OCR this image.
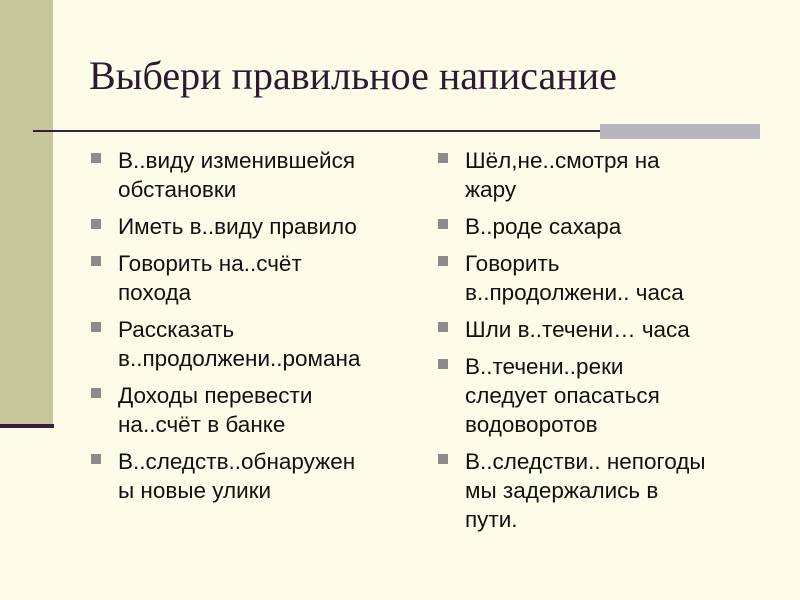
Выбери правильное написание
В..виду изменившейся
обстановки
Иметь в..виду правило
Говорить на..счёт
похода
Рассказать
в..продолжени..романа
Доходы перевести
на..счёт в банке
В..следств..обнаружен
ы новые улики
Шёл,не..смотря на
жару
В..роде сахара
Говорить
в..продолжени.. часа
Шли в..течени… часа
В..течени..реки
следует опасаться
водоворотов
В..следстви.. непогоды
мы задержались в
пути.
